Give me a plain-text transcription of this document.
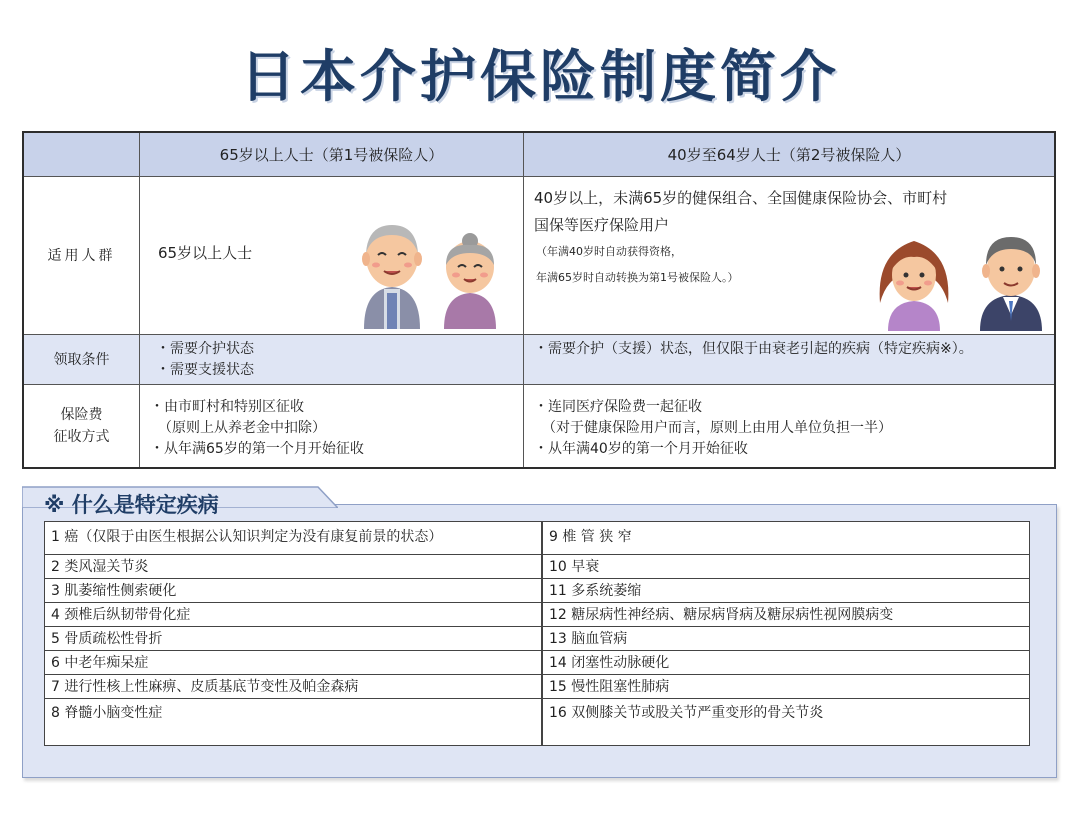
日本介护保险制度简介
65岁以上人士（第1号被保险人）	40岁至64岁人士（第2号被保险人）
适用人群	65岁以上人士
40岁以上，未满65岁的健保组合、全国健康保险协会、市町村
国保等医疗保险用户
（年满40岁时自动获得资格，
年满65岁时自动转换为第1号被保险人。）
领取条件
・需要介护状态
・需要支援状态
・需要介护（支援）状态，但仅限于由衰老引起的疾病（特定疾病※）。
保险费
征收方式
・由市町村和特别区征收
（原则上从养老金中扣除）
・从年满65岁的第一个月开始征收
・连同医疗保险费一起征收
（对于健康保险用户而言，原则上由用人单位负担一半）
・从年满40岁的第一个月开始征收
※ 什么是特定疾病
1 癌（仅限于由医生根据公认知识判定为没有康复前景的状态）
2 类风湿关节炎
3 肌萎缩性侧索硬化
4 颈椎后纵韧带骨化症
5 骨质疏松性骨折
6 中老年痴呆症
7 进行性核上性麻痹、皮质基底节变性及帕金森病
8 脊髓小脑变性症
9 椎 管 狭 窄
10 早衰
11 多系统萎缩
12 糖尿病性神经病、糖尿病肾病及糖尿病性视网膜病变
13 脑血管病
14 闭塞性动脉硬化
15 慢性阻塞性肺病
16 双侧膝关节或股关节严重变形的骨关节炎
